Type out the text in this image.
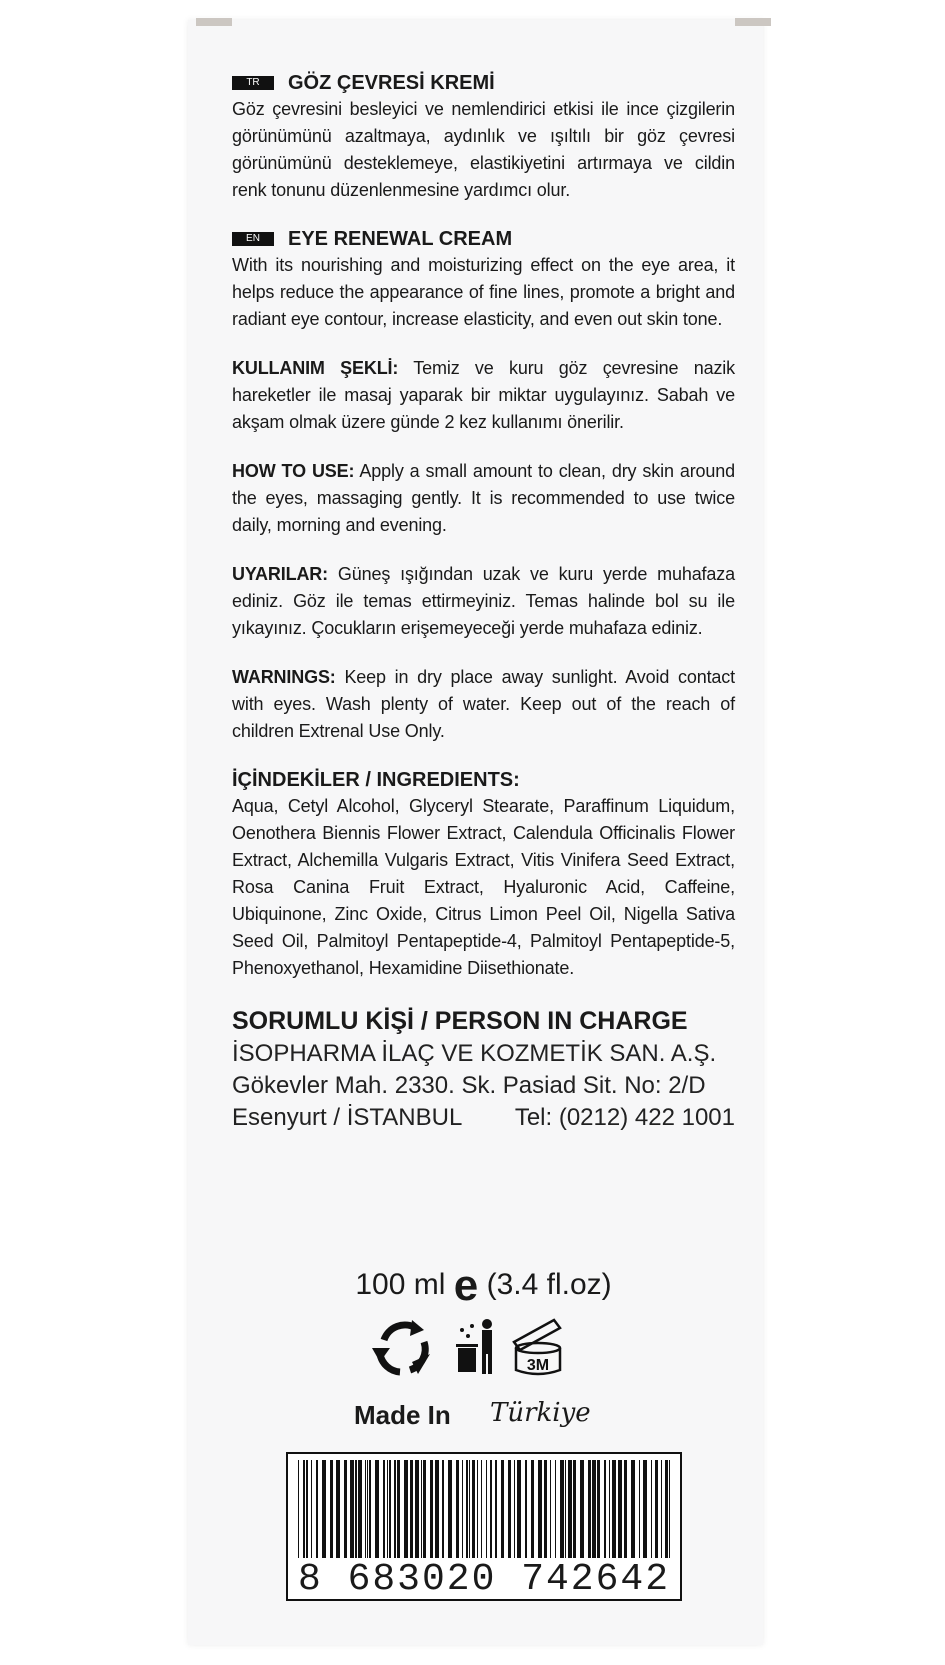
TR	GÖZ ÇEVRESİ KREMİ

Göz çevresini besleyici ve nemlendirici etkisi ile ince çizgilerin görünümünü azaltmaya, aydınlık ve ışıltılı bir göz çevresi görünümünü desteklemeye, elastikiyetini artırmaya ve cildin renk tonunu düzenlenmesine yardımcı olur.

EN	EYE RENEWAL CREAM

With its nourishing and moisturizing effect on the eye area, it helps reduce the appearance of fine lines, promote a bright and radiant eye contour, increase elasticity, and even out skin tone.

KULLANIM ŞEKLİ: Temiz ve kuru göz çevresine nazik hareketler ile masaj yaparak bir miktar uygulayınız. Sabah ve akşam olmak üzere günde 2 kez kullanımı önerilir.

HOW TO USE: Apply a small amount to clean, dry skin around the eyes, massaging gently. It is recommended to use twice daily, morning and evening.

UYARILAR: Güneş ışığından uzak ve kuru yerde muhafaza ediniz. Göz ile temas ettirmeyiniz. Temas halinde bol su ile yıkayınız. Çocukların erişemeyeceği yerde muhafaza ediniz.

WARNINGS: Keep in dry place away sunlight. Avoid contact with eyes. Wash plenty of water. Keep out of the reach of children Extrenal Use Only.

İÇİNDEKİLER / INGREDIENTS:

Aqua, Cetyl Alcohol, Glyceryl Stearate, Paraffinum Liquidum, Oenothera Biennis Flower Extract, Calendula Officinalis Flower Extract, Alchemilla Vulgaris Extract, Vitis Vinifera Seed Extract, Rosa Canina Fruit Extract, Hyaluronic Acid, Caffeine, Ubiquinone, Zinc Oxide, Citrus Limon Peel Oil, Nigella Sativa Seed Oil, Palmitoyl Pentapeptide-4, Palmitoyl Pentapeptide-5, Phenoxyethanol, Hexamidine Diisethionate.

SORUMLU KİŞİ / PERSON IN CHARGE
İSOPHARMA İLAÇ VE KOZMETİK SAN. A.Ş.
Gökevler Mah. 2330. Sk. Pasiad Sit. No: 2/D
Esenyurt / İSTANBUL Tel: (0212) 422 1001
100 ml e (3.4 fl.oz)
3M
Made In Türkiye
8 683020 742642
